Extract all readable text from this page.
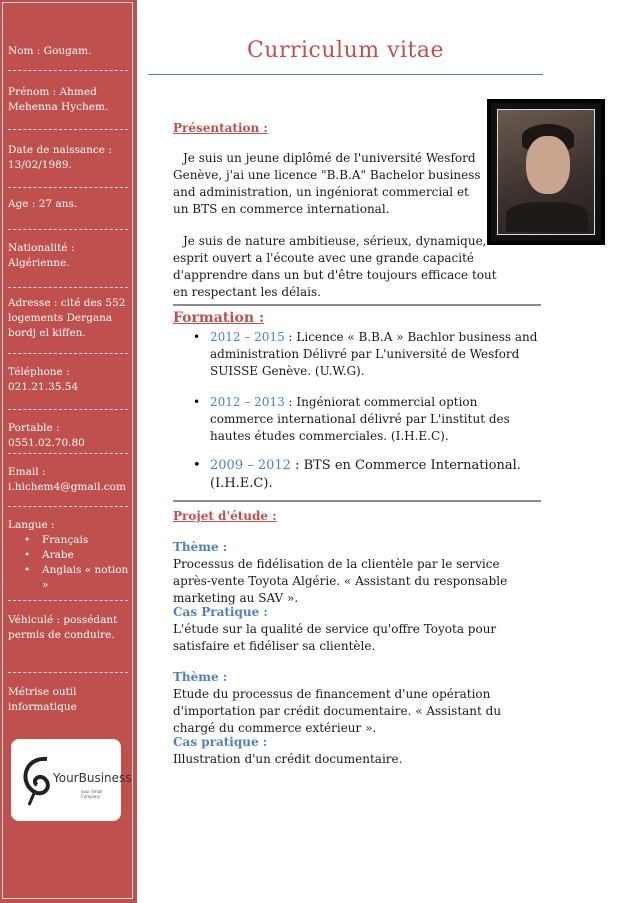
Nom : Gougam.
Prénom : Ahmed Mehenna Hychem.
Date de naissance :
13/02/1989.
Age : 27 ans.
Nationalité : Algérienne.
Adresse : cité des 552 logements Dergana bordj el kiffen.
Téléphone :
021.21.35.54
Portable :
0551.02.70.80
Email :
i.hichem4@gmail.com
Langue :
• Français
• Arabe
• Anglais « notion »
Véhiculé : possédant permis de conduire.
Métrise outil informatique
YourBusiness
your Small Company
Curriculum vitae
Présentation :
Je suis un jeune diplômé de l'université Wesford Genève, j'ai une licence "B.B.A" Bachelor business and administration, un ingéniorat commercial et un BTS en commerce international.
Je suis de nature ambitieuse, sérieux, dynamique, esprit ouvert a l'écoute avec une grande capacité d'apprendre dans un but d'être toujours efficace tout en respectant les délais.
Formation :
• 2012 – 2015 : Licence « B.B.A » Bachlor business and administration Délivré par L'université de Wesford SUISSE Genève. (U.W.G).
• 2012 – 2013 : Ingéniorat commercial option commerce international délivré par L'institut des hautes études commerciales. (I.H.E.C).
• 2009 – 2012 : BTS en Commerce International. (I.H.E.C).
Projet d'étude :
Thème :
Processus de fidélisation de la clientèle par le service après-vente Toyota Algérie. « Assistant du responsable marketing au SAV ».
Cas Pratique :
L'étude sur la qualité de service qu'offre Toyota pour satisfaire et fidéliser sa clientèle.
Thème :
Etude du processus de financement d'une opération d'importation par crédit documentaire. « Assistant du chargé du commerce extérieur ».
Cas pratique :
Illustration d'un crédit documentaire.
